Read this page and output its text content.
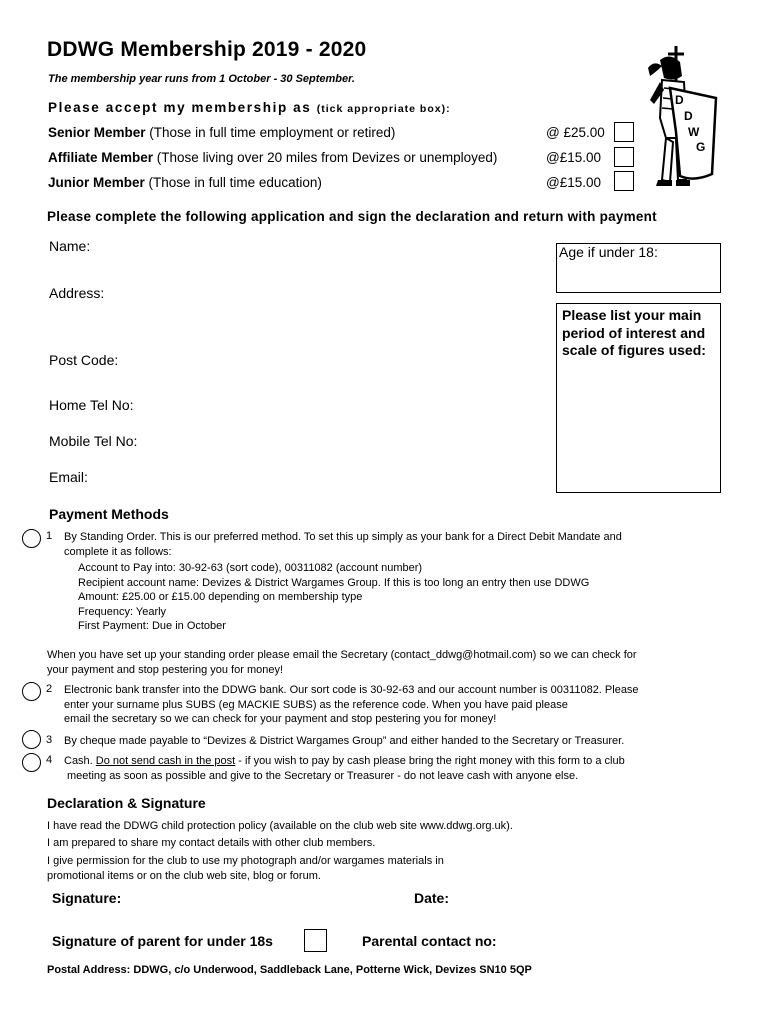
DDWG Membership 2019 - 2020
The membership year runs from 1 October - 30 September.
Please accept my membership as (tick appropriate box):
D
D
W
G
Senior Member (Those in full time employment or retired)	@ £25.00
Affiliate Member (Those living over 20 miles from Devizes or unemployed)	@£15.00
Junior Member (Those in full time education)	@£15.00
Please complete the following application and sign the declaration and return with payment
Name:
Address:
Post Code:
Home Tel No:
Mobile Tel No:
Email:
Age if under 18:
Please list your main period of interest and scale of figures used:
Payment Methods
1 By Standing Order. This is our preferred method. To set this up simply as your bank for a Direct Debit Mandate and
complete it as follows:
Account to Pay into: 30-92-63 (sort code), 00311082 (account number)
Recipient account name: Devizes & District Wargames Group. If this is too long an entry then use DDWG
Amount: £25.00 or £15.00 depending on membership type
Frequency: Yearly
First Payment: Due in October
When you have set up your standing order please email the Secretary (contact_ddwg@hotmail.com) so we can check for
your payment and stop pestering you for money!
2 Electronic bank transfer into the DDWG bank. Our sort code is 30-92-63 and our account number is 00311082. Please
enter your surname plus SUBS (eg MACKIE SUBS) as the reference code. When you have paid please
email the secretary so we can check for your payment and stop pestering you for money!
3 By cheque made payable to “Devizes & District Wargames Group” and either handed to the Secretary or Treasurer.
4 Cash. Do not send cash in the post - if you wish to pay by cash please bring the right money with this form to a club
meeting as soon as possible and give to the Secretary or Treasurer - do not leave cash with anyone else.
Declaration & Signature
I have read the DDWG child protection policy (available on the club web site www.ddwg.org.uk).
I am prepared to share my contact details with other club members.
I give permission for the club to use my photograph and/or wargames materials in
promotional items or on the club web site, blog or forum.
Signature:	Date:
Signature of parent for under 18s	Parental contact no:
Postal Address: DDWG, c/o Underwood, Saddleback Lane, Potterne Wick, Devizes SN10 5QP
